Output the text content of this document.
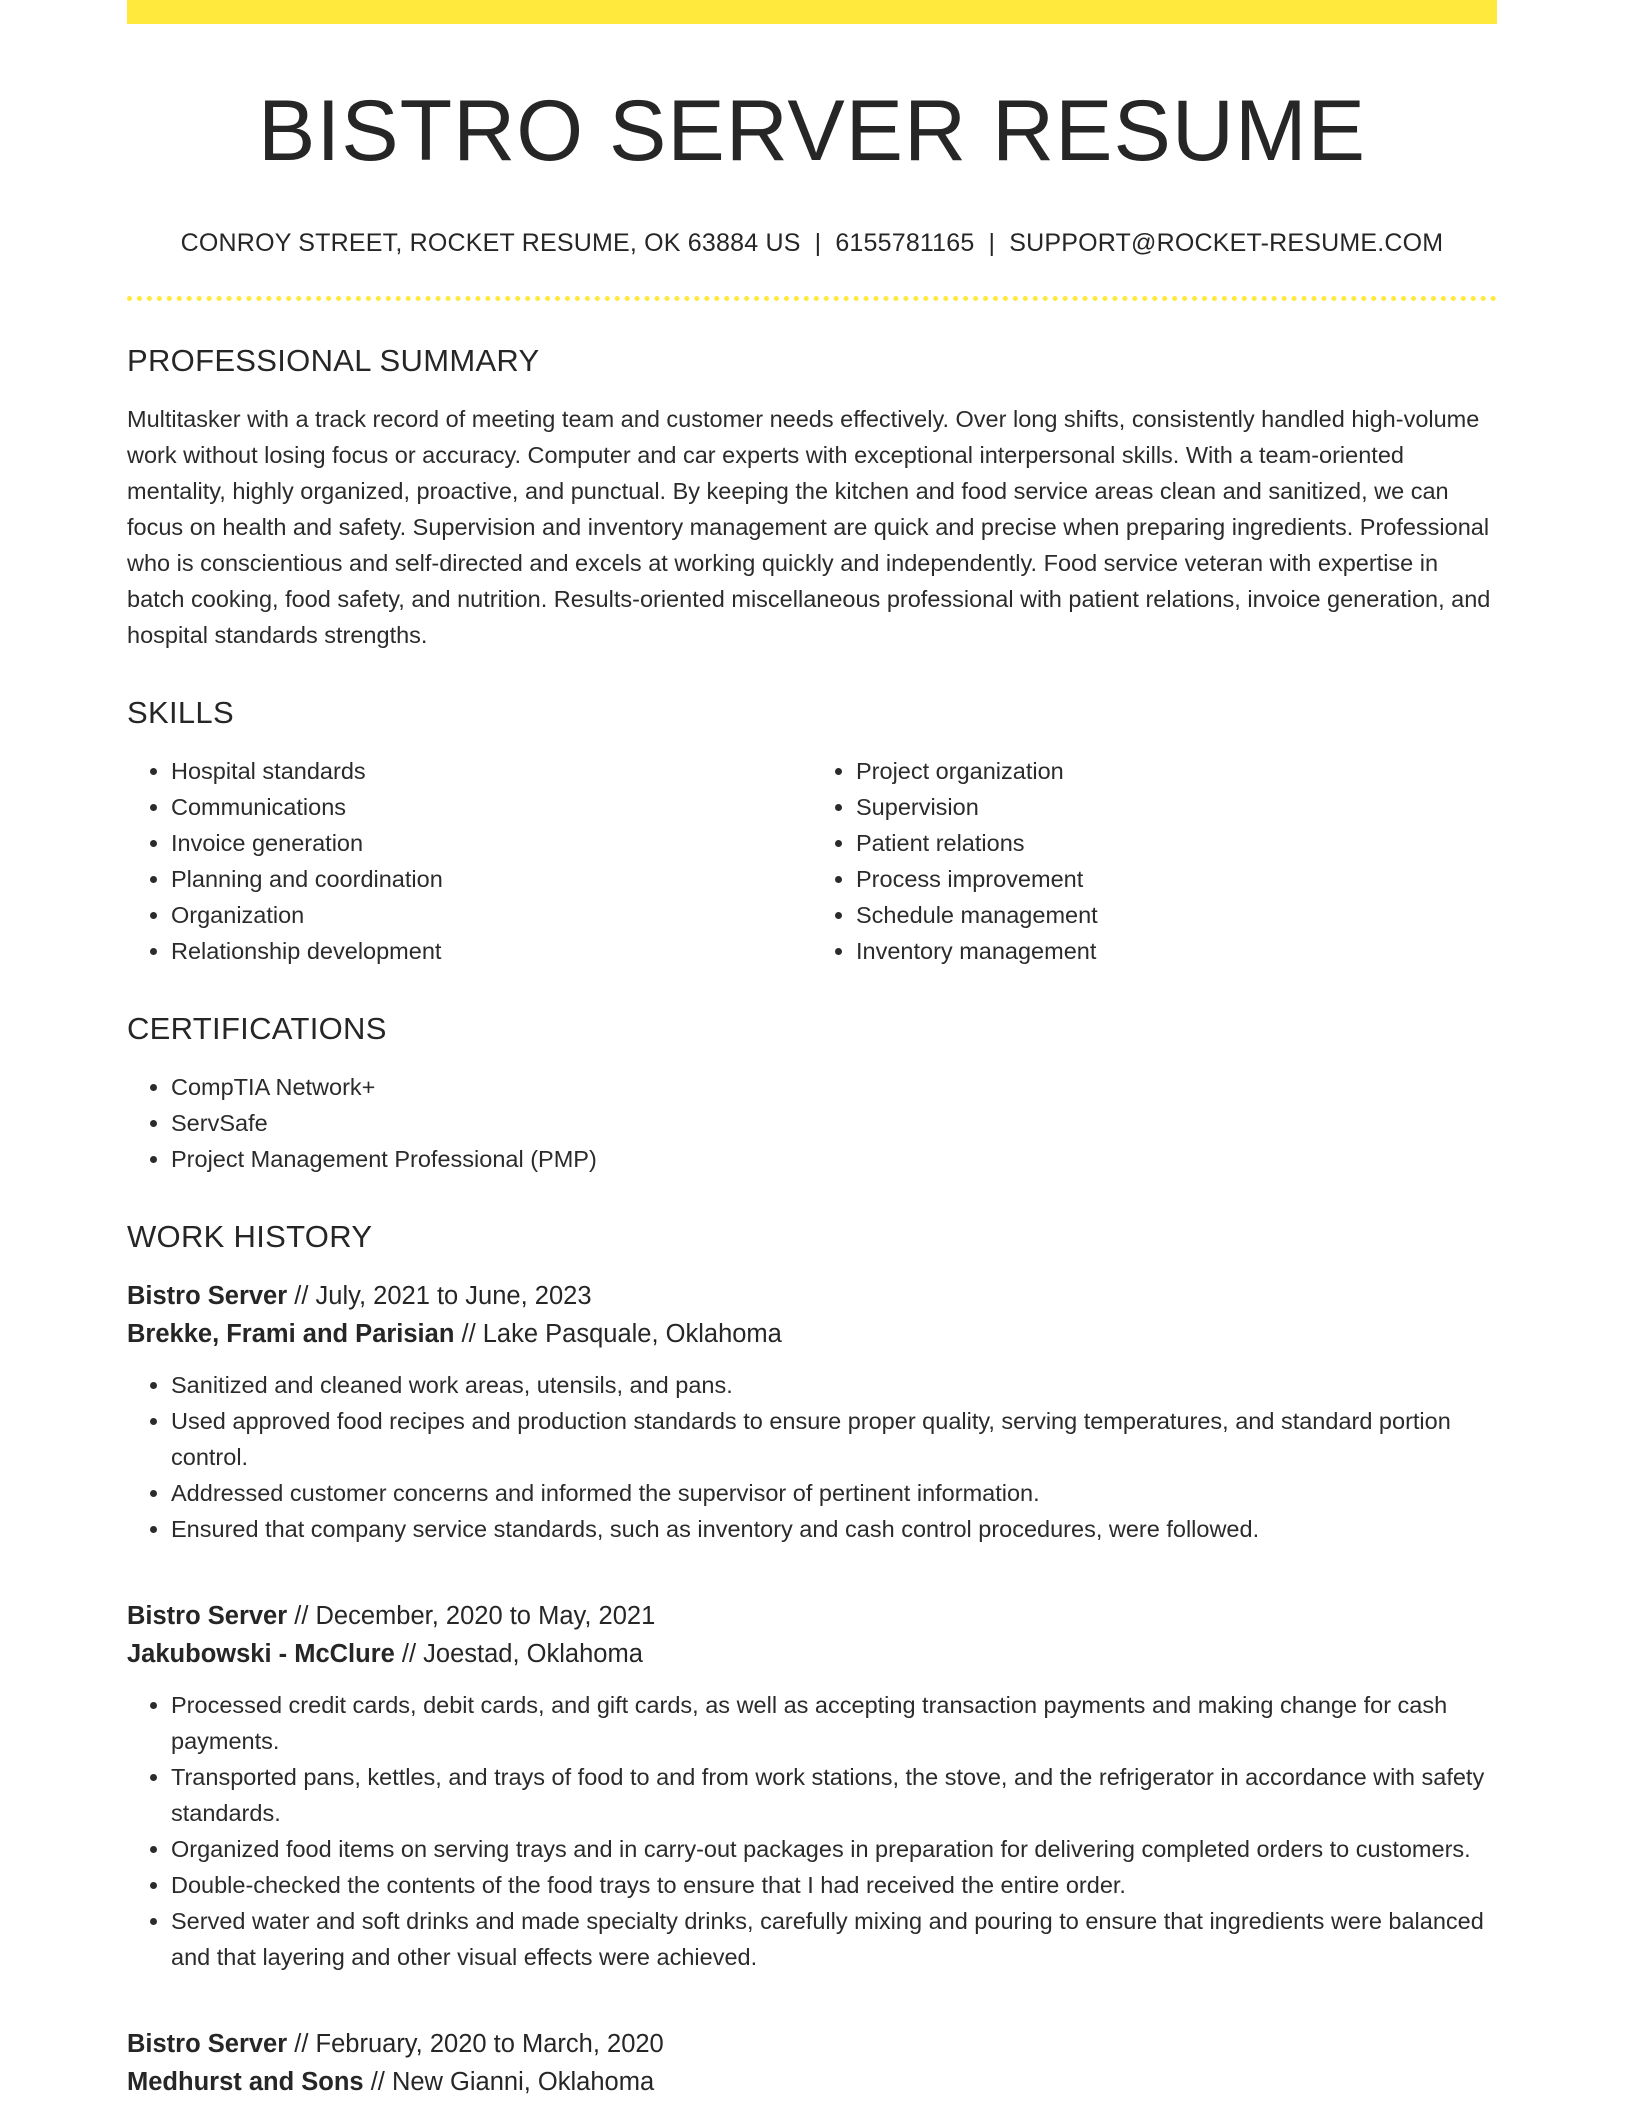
BISTRO SERVER RESUME
CONROY STREET, ROCKET RESUME, OK 63884 US | 6155781165 | SUPPORT@ROCKET-RESUME.COM
PROFESSIONAL SUMMARY

Multitasker with a track record of meeting team and customer needs effectively. Over long shifts, consistently handled high-volume work without losing focus or accuracy. Computer and car experts with exceptional interpersonal skills. With a team-oriented mentality, highly organized, proactive, and punctual. By keeping the kitchen and food service areas clean and sanitized, we can focus on health and safety. Supervision and inventory management are quick and precise when preparing ingredients. Professional who is conscientious and self-directed and excels at working quickly and independently. Food service veteran with expertise in batch cooking, food safety, and nutrition. Results-oriented miscellaneous professional with patient relations, invoice generation, and hospital standards strengths.

SKILLS
• Hospital standards
• Communications
• Invoice generation
• Planning and coordination
• Organization
• Relationship development
• Project organization
• Supervision
• Patient relations
• Process improvement
• Schedule management
• Inventory management
CERTIFICATIONS
• CompTIA Network+
• ServSafe
• Project Management Professional (PMP)
WORK HISTORY
Bistro Server // July, 2021 to June, 2023
Brekke, Frami and Parisian // Lake Pasquale, Oklahoma
• Sanitized and cleaned work areas, utensils, and pans.
• Used approved food recipes and production standards to ensure proper quality, serving temperatures, and standard portion control.
• Addressed customer concerns and informed the supervisor of pertinent information.
• Ensured that company service standards, such as inventory and cash control procedures, were followed.
Bistro Server // December, 2020 to May, 2021
Jakubowski - McClure // Joestad, Oklahoma
• Processed credit cards, debit cards, and gift cards, as well as accepting transaction payments and making change for cash payments.
• Transported pans, kettles, and trays of food to and from work stations, the stove, and the refrigerator in accordance with safety standards.
• Organized food items on serving trays and in carry-out packages in preparation for delivering completed orders to customers.
• Double-checked the contents of the food trays to ensure that I had received the entire order.
• Served water and soft drinks and made specialty drinks, carefully mixing and pouring to ensure that ingredients were balanced and that layering and other visual effects were achieved.
Bistro Server // February, 2020 to March, 2020
Medhurst and Sons // New Gianni, Oklahoma
